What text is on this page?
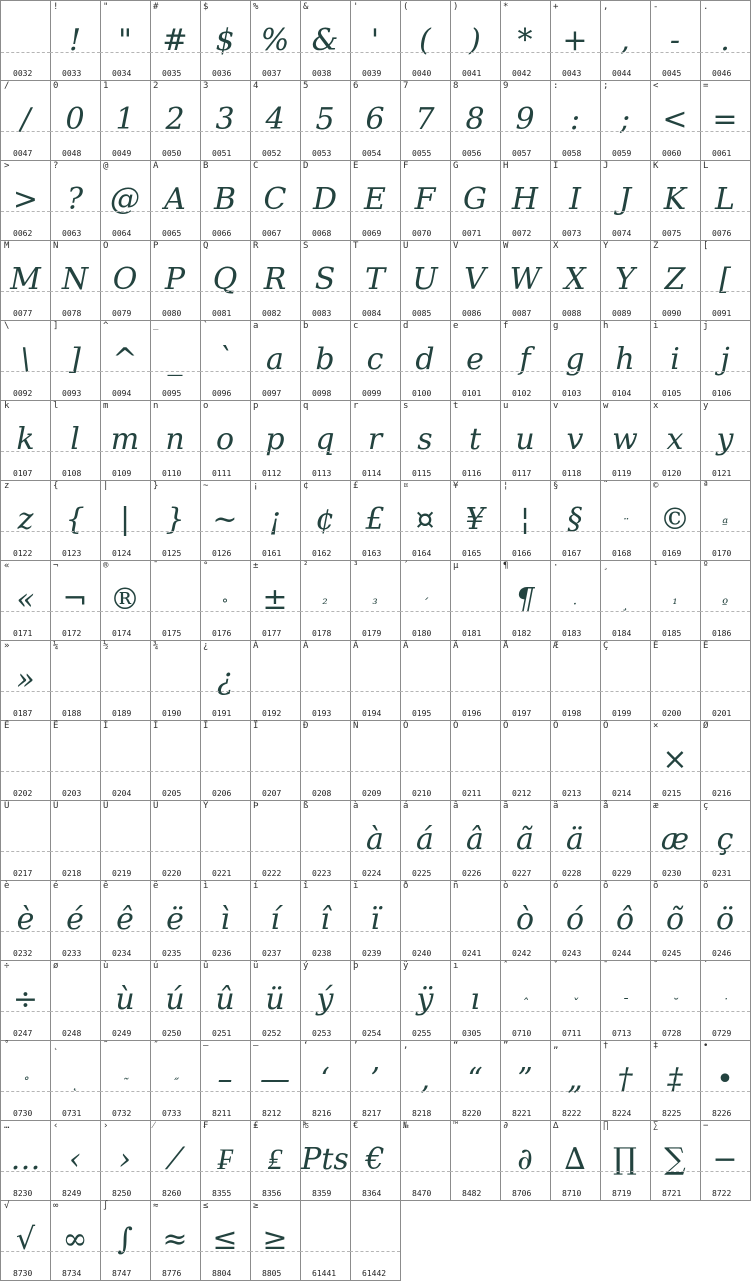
0032
!
!
0033
"
"
0034
#
#
0035
$
$
0036
%
%
0037
&
&
0038
'
'
0039
(
(
0040
)
)
0041
*
*
0042
+
+
0043
,
,
0044
-
-
0045
.
.
0046
/
/
0047
0
0
0048
1
1
0049
2
2
0050
3
3
0051
4
4
0052
5
5
0053
6
6
0054
7
7
0055
8
8
0056
9
9
0057
:
:
0058
;
;
0059
<
<
0060
=
=
0061
>
>
0062
?
?
0063
@
@
0064
A
A
0065
B
B
0066
C
C
0067
D
D
0068
E
E
0069
F
F
0070
G
G
0071
H
H
0072
I
I
0073
J
J
0074
K
K
0075
L
L
0076
M
M
0077
N
N
0078
O
O
0079
P
P
0080
Q
Q
0081
R
R
0082
S
S
0083
T
T
0084
U
U
0085
V
V
0086
W
W
0087
X
X
0088
Y
Y
0089
Z
Z
0090
[
[
0091
\
\
0092
]
]
0093
^
^
0094
_
_
0095
`
`
0096
a
a
0097
b
b
0098
c
c
0099
d
d
0100
e
e
0101
f
f
0102
g
g
0103
h
h
0104
i
i
0105
j
j
0106
k
k
0107
l
l
0108
m
m
0109
n
n
0110
o
o
0111
p
p
0112
q
q
0113
r
r
0114
s
s
0115
t
t
0116
u
u
0117
v
v
0118
w
w
0119
x
x
0120
y
y
0121
z
z
0122
{
{
0123
|
|
0124
}
}
0125
~
~
0126
¡
¡
0161
¢
¢
0162
£
£
0163
¤
¤
0164
¥
¥
0165
¦
¦
0166
§
§
0167
¨
¨
0168
©
©
0169
ª
ª
0170
«
«
0171
¬
¬
0172
®
®
0174
¯
0175
°
°
0176
±
±
0177
²
²
0178
³
³
0179
´
´
0180
µ
0181
¶
¶
0182
·
·
0183
¸
¸
0184
¹
¹
0185
º
º
0186
»
»
0187
¼
0188
½
0189
¾
0190
¿
¿
0191
À
0192
Á
0193
Â
0194
Ã
0195
Ä
0196
Å
0197
Æ
0198
Ç
0199
È
0200
É
0201
Ê
0202
Ë
0203
Ì
0204
Í
0205
Î
0206
Ï
0207
Ð
0208
Ñ
0209
Ò
0210
Ó
0211
Ô
0212
Õ
0213
Ö
0214
×
×
0215
Ø
0216
Ù
0217
Ú
0218
Û
0219
Ü
0220
Ý
0221
Þ
0222
ß
0223
à
à
0224
á
á
0225
â
â
0226
ã
ã
0227
ä
ä
0228
å
0229
æ
æ
0230
ç
ç
0231
è
è
0232
é
é
0233
ê
ê
0234
ë
ë
0235
ì
ì
0236
í
í
0237
î
î
0238
ï
ï
0239
ð
0240
ñ
0241
ò
ò
0242
ó
ó
0243
ô
ô
0244
õ
õ
0245
ö
ö
0246
÷
÷
0247
ø
0248
ù
ù
0249
ú
ú
0250
û
û
0251
ü
ü
0252
ý
ý
0253
þ
0254
ÿ
ÿ
0255
ı
ı
0305
ˆ
ˆ
0710
ˇ
ˇ
0711
ˉ
ˉ
0713
˘
˘
0728
˙
˙
0729
˚
˚
0730
˛
˛
0731
˜
˜
0732
˝
˝
0733
–
–
8211
—
—
8212
‘
‘
8216
’
’
8217
‚
‚
8218
“
“
8220
”
”
8221
„
„
8222
†
†
8224
‡
‡
8225
•
•
8226
…
…
8230
‹
‹
8249
›
›
8250
⁄
⁄
8260
₣
₣
8355
₤
₤
8356
₧
Pts
8359
€
€
8364
№
8470
™
8482
∂
∂
8706
∆
∆
8710
∏
∏
8719
∑
∑
8721
−
−
8722
√
√
8730
∞
∞
8734
∫
∫
8747
≈
≈
8776
≤
≤
8804
≥
≥
8805	61441	61442
